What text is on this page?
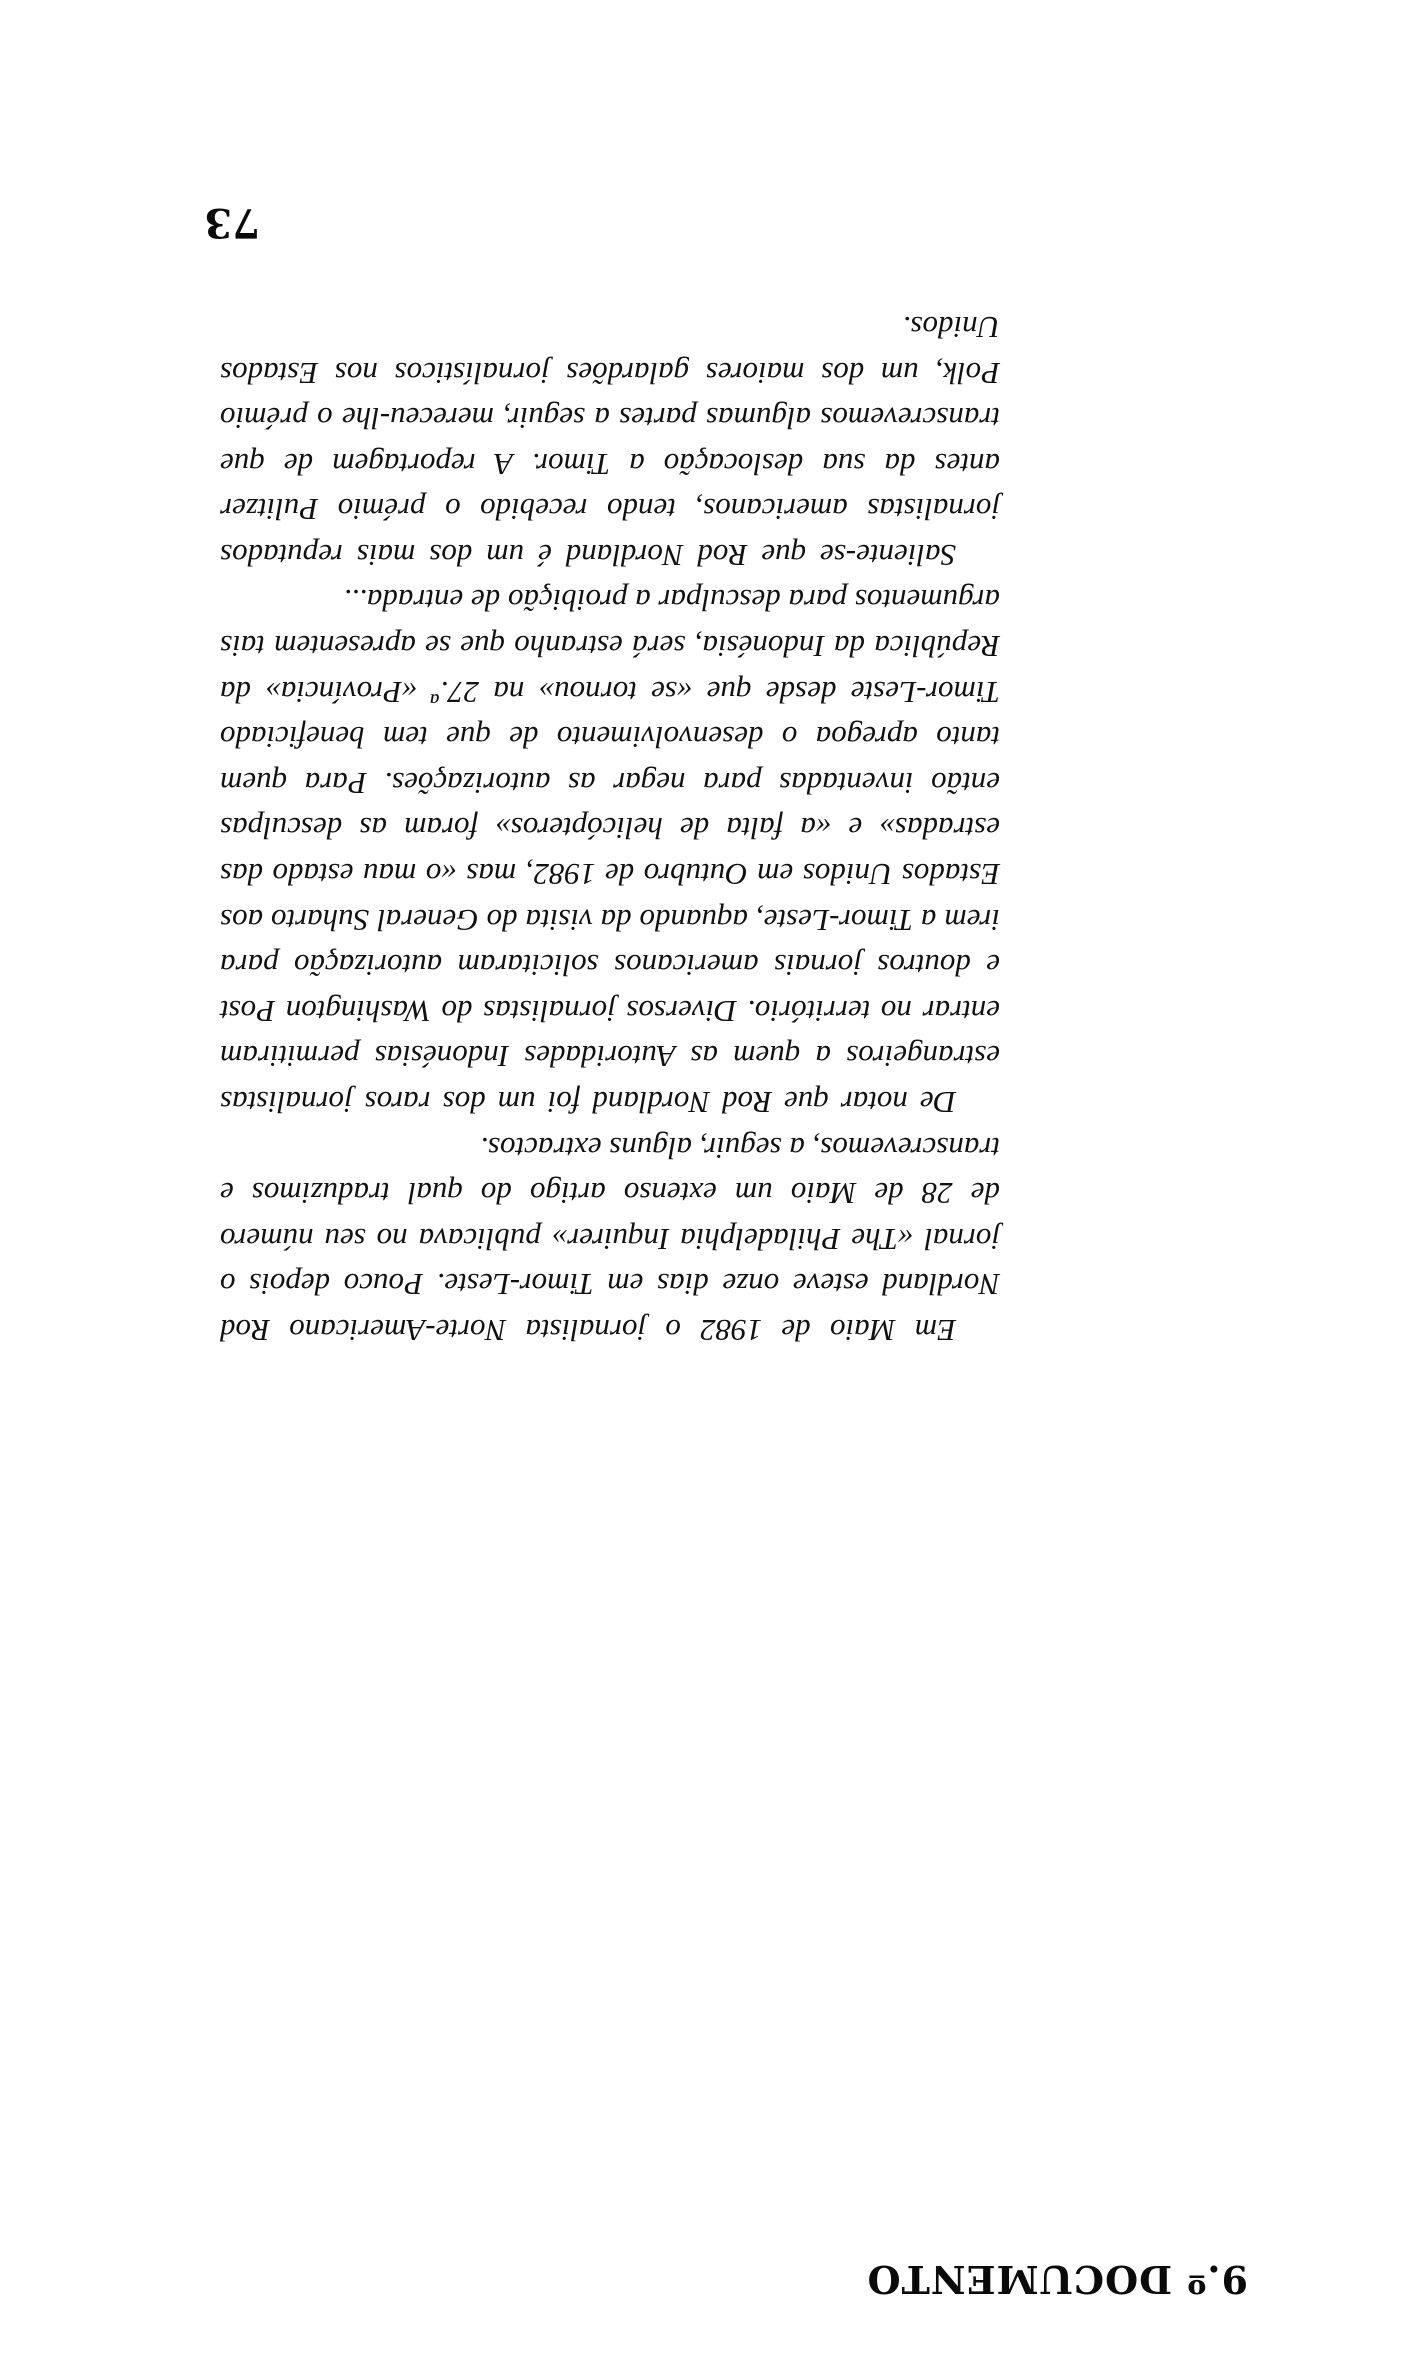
9.º DOCUMENTO

Em Maio de 1982 o jornalista Norte-Americano Rod Nordland esteve onze dias em Timor-Leste. Pouco depois o jornal «The Philadelphia Inquirer» publicava no seu número de 28 de Maio um extenso artigo do qual traduzimos e transcrevemos, a seguir, alguns extractos.

De notar que Rod Nordland foi um dos raros jornalistas estrangeiros a quem as Autoridades Indonésias permitiram entrar no território. Diversos jornalistas do Washington Post e doutros jornais americanos solicitaram autorização para irem a Timor-Leste, aquando da visita do General Suharto aos Estados Unidos em Outubro de 1982, mas «o mau estado das estradas» e «a falta de helicópteros» foram as desculpas então inventadas para negar as autorizações. Para quem tanto apregoa o desenvolvimento de que tem beneficiado Timor-Leste desde que «se tornou» na 27.ª «Província» da República da Indonésia, será estranho que se apresentem tais argumentos para desculpar a proibição de entrada...

Saliente-se que Rod Nordland é um dos mais reputados jornalistas americanos, tendo recebido o prémio Pulitzer antes da sua deslocação a Timor. A reportagem de que transcrevemos algumas partes a seguir, mereceu-lhe o prémio Polk, um dos maiores galardões jornalísticos nos Estados Unidos.

73
